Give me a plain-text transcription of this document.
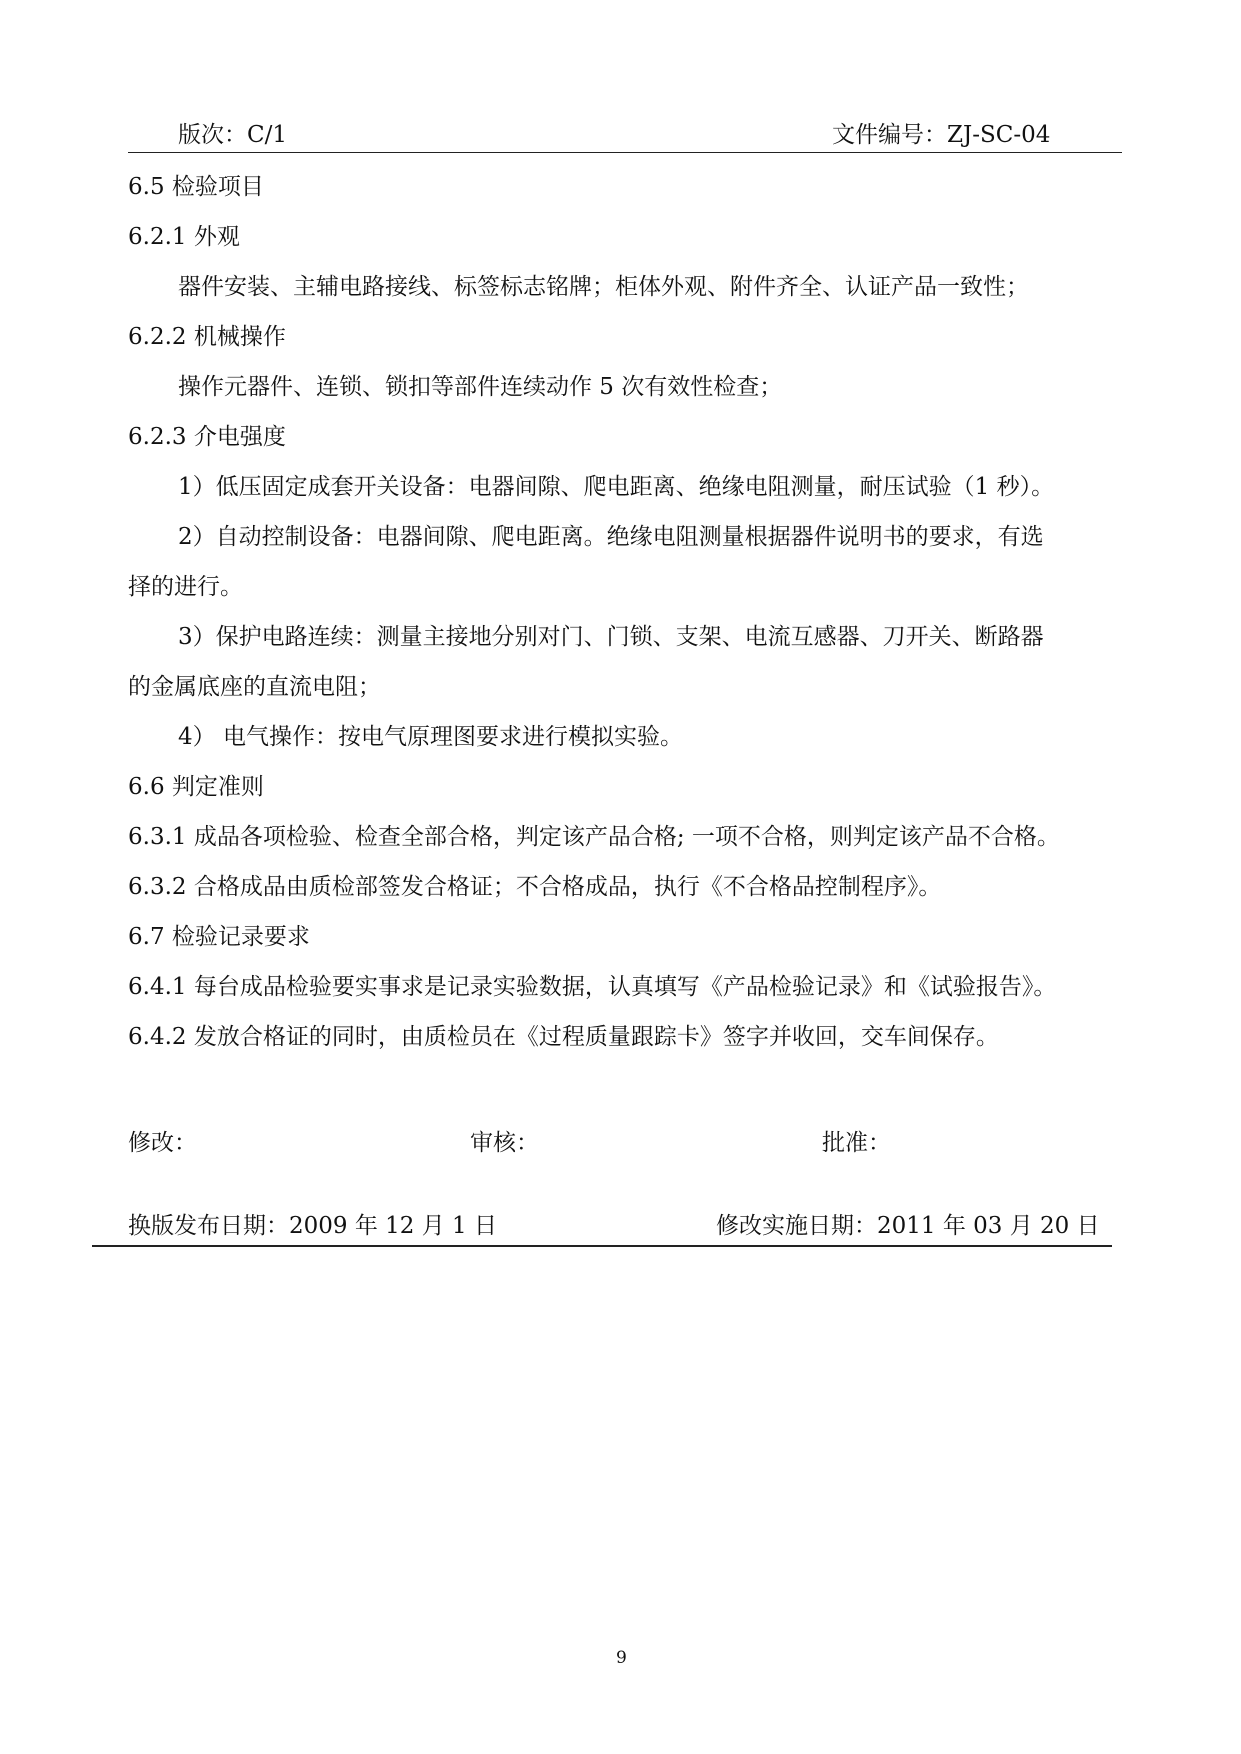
版次：C/1	文件编号：ZJ-SC-04
6.5 检验项目
6.2.1 外观
器件安装、主辅电路接线、标签标志铭牌；柜体外观、附件齐全、认证产品一致性；
6.2.2 机械操作
操作元器件、连锁、锁扣等部件连续动作 5 次有效性检查；
6.2.3 介电强度
1）低压固定成套开关设备：电器间隙、爬电距离、绝缘电阻测量，耐压试验（1 秒）。
2）自动控制设备：电器间隙、爬电距离。绝缘电阻测量根据器件说明书的要求，有选
择的进行。
3）保护电路连续：测量主接地分别对门、门锁、支架、电流互感器、刀开关、断路器
的金属底座的直流电阻；
4） 电气操作：按电气原理图要求进行模拟实验。
6.6 判定准则
6.3.1 成品各项检验、检查全部合格，判定该产品合格; 一项不合格，则判定该产品不合格。
6.3.2 合格成品由质检部签发合格证；不合格成品，执行《不合格品控制程序》。
6.7 检验记录要求
6.4.1 每台成品检验要实事求是记录实验数据，认真填写《产品检验记录》和《试验报告》。
6.4.2 发放合格证的同时，由质检员在《过程质量跟踪卡》签字并收回，交车间保存。
修改：	审核：	批准：
换版发布日期：2009 年 12 月 1 日	修改实施日期：2011 年 03 月 20 日
9
